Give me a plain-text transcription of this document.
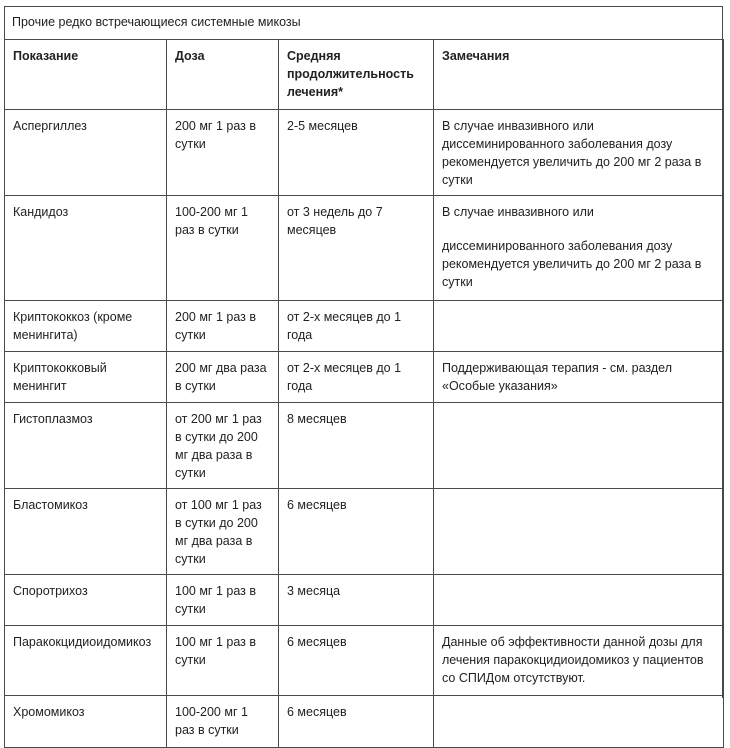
Прочие редко встречающиеся системные микозы
Показание	Доза	Средняя продолжительность лечения*	Замечания
Аспергиллез	200 мг 1 раз в сутки	2-5 месяцев	В случае инвазивного или диссеминированного заболевания дозу рекомендуется увеличить до 200 мг 2 раза в сутки

Кандидоз	100-200 мг 1 раз в сутки	от 3 недель до 7 месяцев	В случае инвазивного или

диссеминированного заболевания дозу рекомендуется увеличить до 200 мг 2 раза в сутки

Криптококкоз (кроме менингита)	200 мг 1 раз в сутки	от 2-х месяцев до 1 года	
Криптококковый менингит	200 мг два раза в сутки	от 2-х месяцев до 1 года	Поддерживающая терапия - см. раздел «Особые указания»

Гистоплазмоз	от 200 мг 1 раз в сутки до 200 мг два раза в сутки	8 месяцев	
Бластомикоз	от 100 мг 1 раз в сутки до 200 мг два раза в сутки	6 месяцев	
Споротрихоз	100 мг 1 раз в сутки	3 месяца	
Паракокцидиоидомикоз	100 мг 1 раз в сутки	6 месяцев	Данные об эффективности данной дозы для лечения паракокцидиоидомикоз у пациентов со СПИДом отсутствуют.

Хромомикоз	100-200 мг 1 раз в сутки	6 месяцев	
